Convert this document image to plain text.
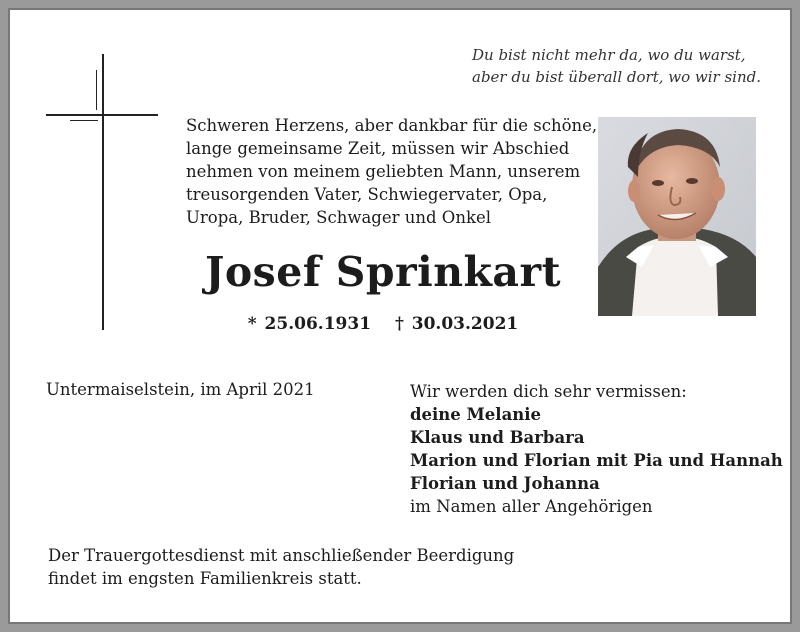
Du bist nicht mehr da, wo du warst,
aber du bist überall dort, wo wir sind.
Schweren Herzens, aber dankbar für die schöne,
lange gemeinsame Zeit, müssen wir Abschied
nehmen von meinem geliebten Mann, unserem
treusorgenden Vater, Schwiegervater, Opa,
Uropa, Bruder, Schwager und Onkel
Josef Sprinkart
* 25.06.1931 † 30.03.2021
Untermaiselstein, im April 2021	Wir werden dich sehr vermissen:
deine Melanie
Klaus und Barbara
Marion und Florian mit Pia und Hannah
Florian und Johanna
im Namen aller Angehörigen
Der Trauergottesdienst mit anschließender Beerdigung
findet im engsten Familienkreis statt.
